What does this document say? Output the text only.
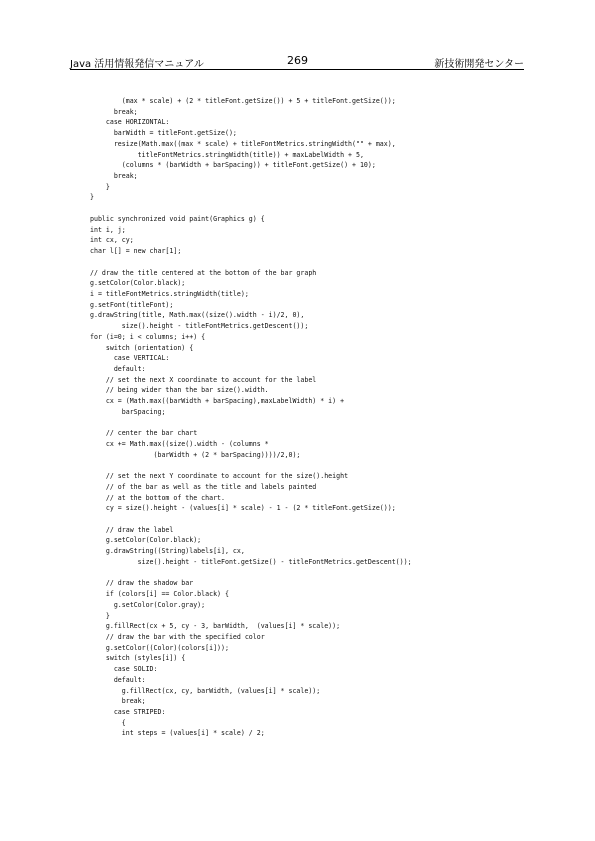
Java 活用情報発信マニュアル	269	新技術開発センター
(max * scale) + (2 * titleFont.getSize()) + 5 + titleFont.getSize());
break;
case HORIZONTAL:
barWidth = titleFont.getSize();
resize(Math.max((max * scale) + titleFontMetrics.stringWidth("" + max),
titleFontMetrics.stringWidth(title)) + maxLabelWidth + 5,
(columns * (barWidth + barSpacing)) + titleFont.getSize() + 10);
break;
}
}
public synchronized void paint(Graphics g) {
int i, j;
int cx, cy;
char l[] = new char[1];
// draw the title centered at the bottom of the bar graph
g.setColor(Color.black);
i = titleFontMetrics.stringWidth(title);
g.setFont(titleFont);
g.drawString(title, Math.max((size().width - i)/2, 0),
size().height - titleFontMetrics.getDescent());
for (i=0; i < columns; i++) {
switch (orientation) {
case VERTICAL:
default:
// set the next X coordinate to account for the label
// being wider than the bar size().width.
cx = (Math.max((barWidth + barSpacing),maxLabelWidth) * i) +
barSpacing;
// center the bar chart
cx += Math.max((size().width - (columns *
(barWidth + (2 * barSpacing))))/2,0);
// set the next Y coordinate to account for the size().height
// of the bar as well as the title and labels painted
// at the bottom of the chart.
cy = size().height - (values[i] * scale) - 1 - (2 * titleFont.getSize());
// draw the label
g.setColor(Color.black);
g.drawString((String)labels[i], cx,
size().height - titleFont.getSize() - titleFontMetrics.getDescent());
// draw the shadow bar
if (colors[i] == Color.black) {
g.setColor(Color.gray);
}
g.fillRect(cx + 5, cy - 3, barWidth,  (values[i] * scale));
// draw the bar with the specified color
g.setColor((Color)(colors[i]));
switch (styles[i]) {
case SOLID:
default:
g.fillRect(cx, cy, barWidth, (values[i] * scale));
break;
case STRIPED:
{
int steps = (values[i] * scale) / 2;
